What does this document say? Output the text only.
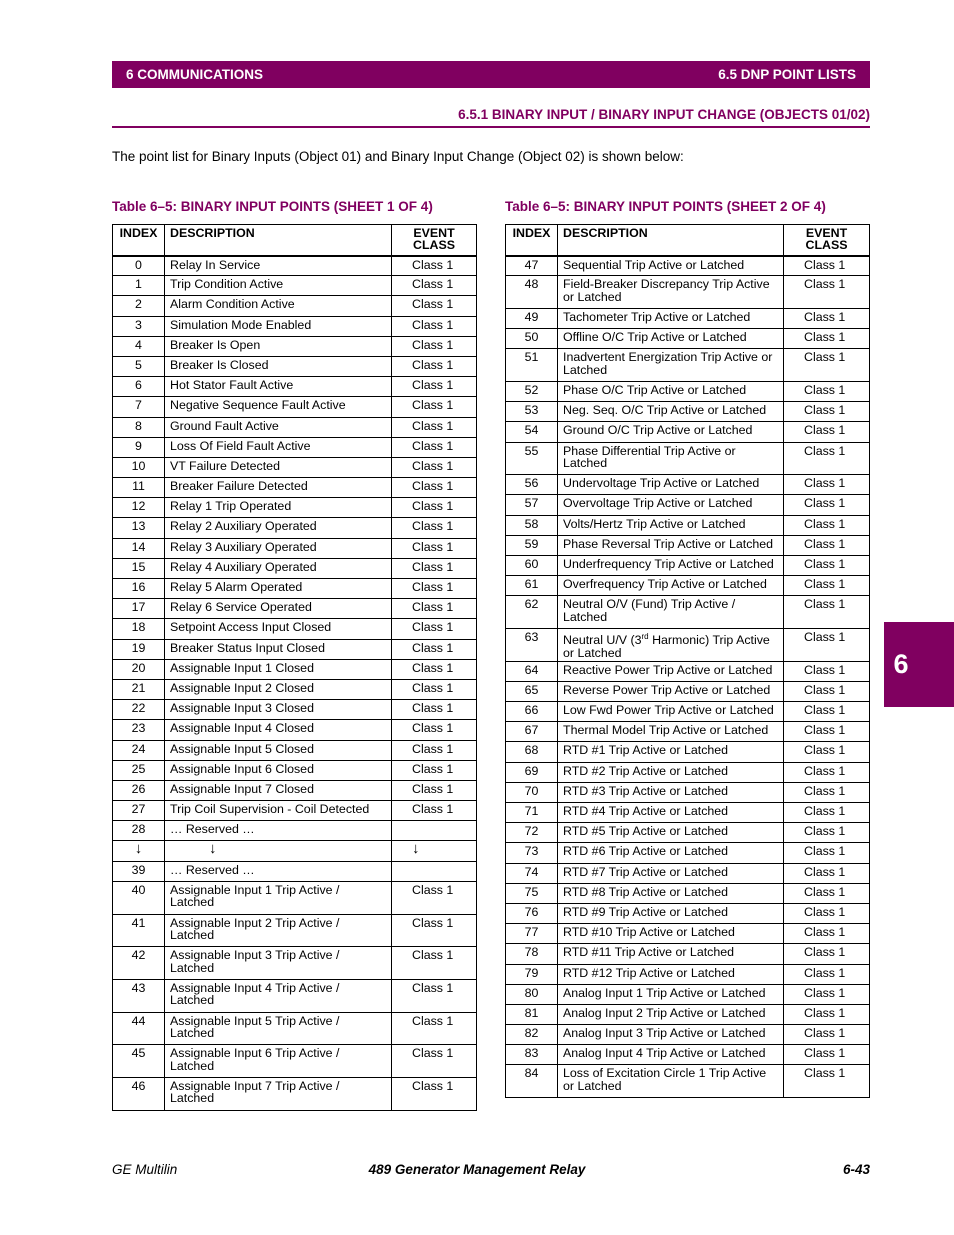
6 COMMUNICATIONS	6.5 DNP POINT LISTS
6.5.1 BINARY INPUT / BINARY INPUT CHANGE (OBJECTS 01/02)
The point list for Binary Inputs (Object 01) and Binary Input Change (Object 02) is shown below:
Table 6–5: BINARY INPUT POINTS (SHEET 1 OF 4)	Table 6–5: BINARY INPUT POINTS (SHEET 2 OF 4)
INDEX	DESCRIPTION	EVENT CLASS
0	Relay In Service	Class 1
1	Trip Condition Active	Class 1
2	Alarm Condition Active	Class 1
3	Simulation Mode Enabled	Class 1
4	Breaker Is Open	Class 1
5	Breaker Is Closed	Class 1
6	Hot Stator Fault Active	Class 1
7	Negative Sequence Fault Active	Class 1
8	Ground Fault Active	Class 1
9	Loss Of Field Fault Active	Class 1
10	VT Failure Detected	Class 1
11	Breaker Failure Detected	Class 1
12	Relay 1 Trip Operated	Class 1
13	Relay 2 Auxiliary Operated	Class 1
14	Relay 3 Auxiliary Operated	Class 1
15	Relay 4 Auxiliary Operated	Class 1
16	Relay 5 Alarm Operated	Class 1
17	Relay 6 Service Operated	Class 1
18	Setpoint Access Input Closed	Class 1
19	Breaker Status Input Closed	Class 1
20	Assignable Input 1 Closed	Class 1
21	Assignable Input 2 Closed	Class 1
22	Assignable Input 3 Closed	Class 1
23	Assignable Input 4 Closed	Class 1
24	Assignable Input 5 Closed	Class 1
25	Assignable Input 6 Closed	Class 1
26	Assignable Input 7 Closed	Class 1
27	Trip Coil Supervision - Coil Detected	Class 1
28	… Reserved …	
↓	↓	↓
39	… Reserved …	
40	Assignable Input 1 Trip Active / Latched	Class 1
41	Assignable Input 2 Trip Active / Latched	Class 1
42	Assignable Input 3 Trip Active / Latched	Class 1
43	Assignable Input 4 Trip Active / Latched	Class 1
44	Assignable Input 5 Trip Active / Latched	Class 1
45	Assignable Input 6 Trip Active / Latched	Class 1
46	Assignable Input 7 Trip Active / Latched	Class 1
INDEX	DESCRIPTION	EVENT CLASS
47	Sequential Trip Active or Latched	Class 1
48	Field-Breaker Discrepancy Trip Active or Latched	Class 1
49	Tachometer Trip Active or Latched	Class 1
50	Offline O/C Trip Active or Latched	Class 1
51	Inadvertent Energization Trip Active or Latched	Class 1
52	Phase O/C Trip Active or Latched	Class 1
53	Neg. Seq. O/C Trip Active or Latched	Class 1
54	Ground O/C Trip Active or Latched	Class 1
55	Phase Differential Trip Active or Latched	Class 1
56	Undervoltage Trip Active or Latched	Class 1
57	Overvoltage Trip Active or Latched	Class 1
58	Volts/Hertz Trip Active or Latched	Class 1
59	Phase Reversal Trip Active or Latched	Class 1
60	Underfrequency Trip Active or Latched	Class 1
61	Overfrequency Trip Active or Latched	Class 1
62	Neutral O/V (Fund) Trip Active / Latched	Class 1
63	Neutral U/V (3rd Harmonic) Trip Active or Latched	Class 1
64	Reactive Power Trip Active or Latched	Class 1
65	Reverse Power Trip Active or Latched	Class 1
66	Low Fwd Power Trip Active or Latched	Class 1
67	Thermal Model Trip Active or Latched	Class 1
68	RTD #1 Trip Active or Latched	Class 1
69	RTD #2 Trip Active or Latched	Class 1
70	RTD #3 Trip Active or Latched	Class 1
71	RTD #4 Trip Active or Latched	Class 1
72	RTD #5 Trip Active or Latched	Class 1
73	RTD #6 Trip Active or Latched	Class 1
74	RTD #7 Trip Active or Latched	Class 1
75	RTD #8 Trip Active or Latched	Class 1
76	RTD #9 Trip Active or Latched	Class 1
77	RTD #10 Trip Active or Latched	Class 1
78	RTD #11 Trip Active or Latched	Class 1
79	RTD #12 Trip Active or Latched	Class 1
80	Analog Input 1 Trip Active or Latched	Class 1
81	Analog Input 2 Trip Active or Latched	Class 1
82	Analog Input 3 Trip Active or Latched	Class 1
83	Analog Input 4 Trip Active or Latched	Class 1
84	Loss of Excitation Circle 1 Trip Active or Latched	Class 1
6
GE Multilin	489 Generator Management Relay	6-43
